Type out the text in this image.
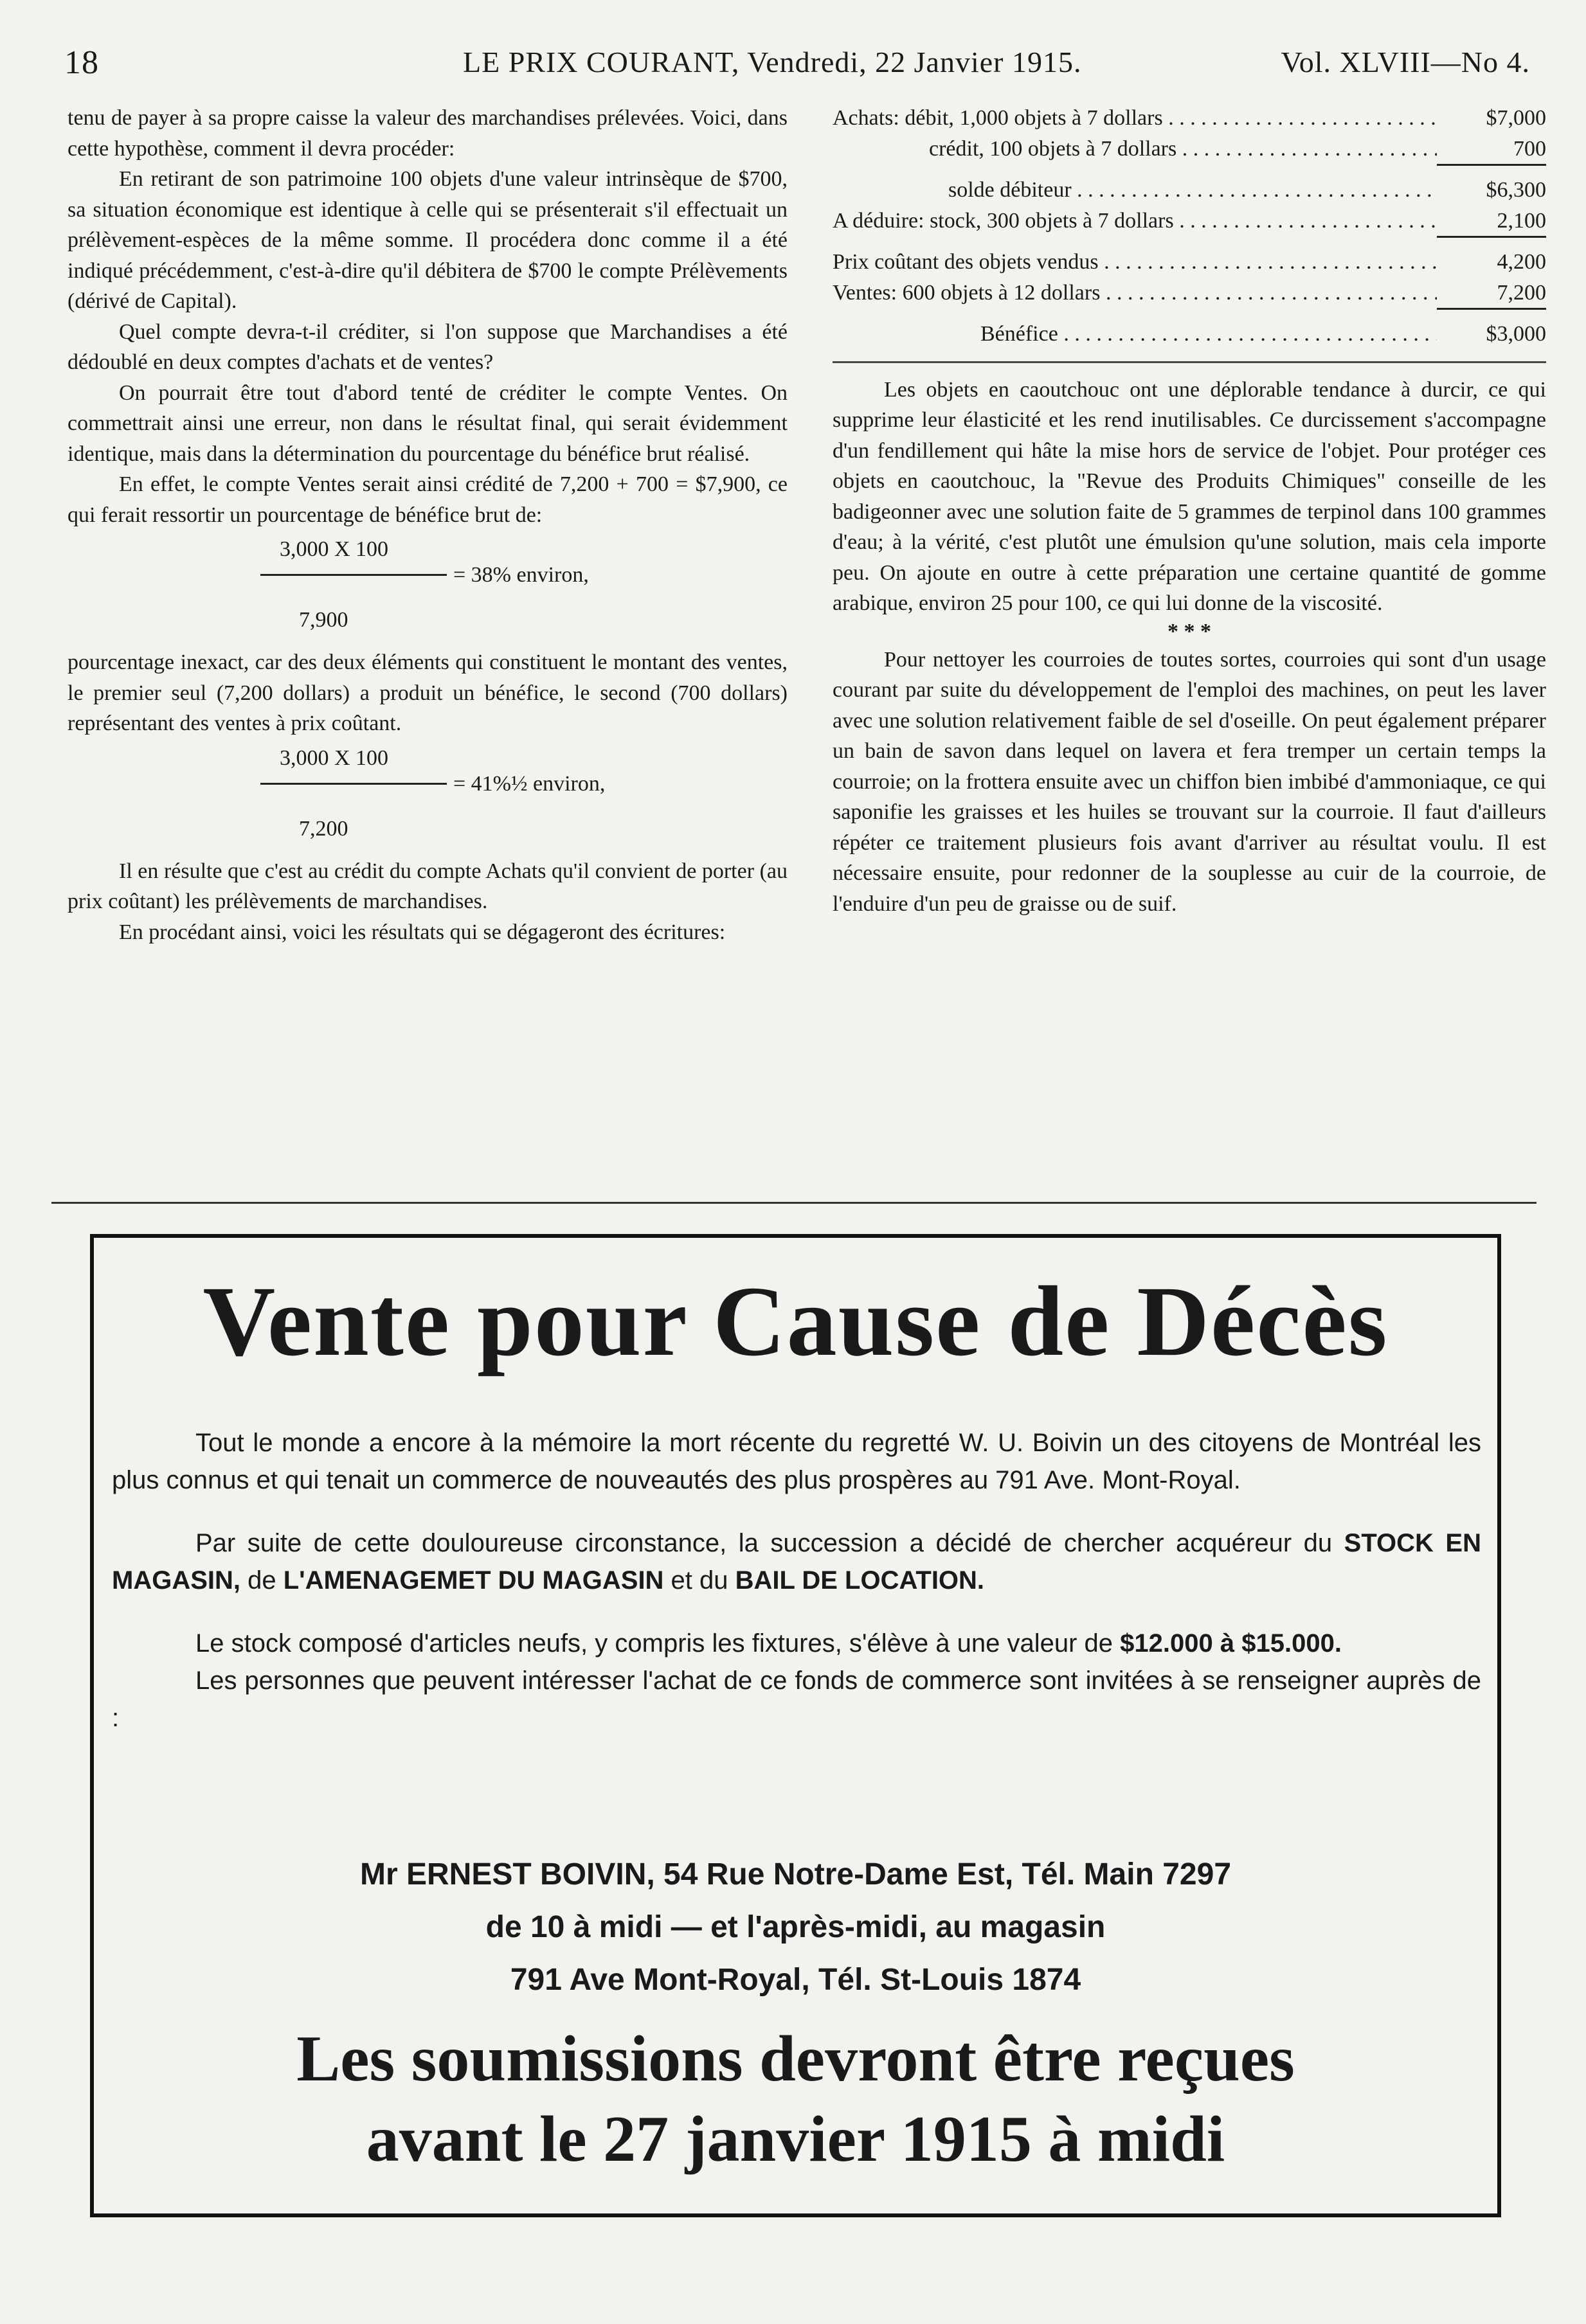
18	LE PRIX COURANT, Vendredi, 22 Janvier 1915.	Vol. XLVIII—No 4.

tenu de payer à sa propre caisse la valeur des marchandises prélevées. Voici, dans cette hypothèse, comment il devra procéder:

En retirant de son patrimoine 100 objets d'une valeur intrinsèque de $700, sa situation économique est identique à celle qui se présenterait s'il effectuait un prélèvement-espèces de la même somme. Il procédera donc comme il a été indiqué précédemment, c'est-à-dire qu'il débitera de $700 le compte Prélèvements (dérivé de Capital).

Quel compte devra-t-il créditer, si l'on suppose que Marchandises a été dédoublé en deux comptes d'achats et de ventes?

On pourrait être tout d'abord tenté de créditer le compte Ventes. On commettrait ainsi une erreur, non dans le résultat final, qui serait évidemment identique, mais dans la détermination du pourcentage du bénéfice brut réalisé.

En effet, le compte Ventes serait ainsi crédité de 7,200 + 700 = $7,900, ce qui ferait ressortir un pourcentage de bénéfice brut de:

3,000 X 100
= 38% environ,
7,900

pourcentage inexact, car des deux éléments qui constituent le montant des ventes, le premier seul (7,200 dollars) a produit un bénéfice, le second (700 dollars) représentant des ventes à prix coûtant.

3,000 X 100
= 41%½ environ,
7,200

Il en résulte que c'est au crédit du compte Achats qu'il convient de porter (au prix coûtant) les prélèvements de marchandises.

En procédant ainsi, voici les résultats qui se dégageront des écritures:

Achats: débit, 1,000 objets à 7 dollars . . .	$7,000
crédit, 100 objets à 7 dollars . . .	700
solde débiteur . . .	$6,300
A déduire: stock, 300 objets à 7 dollars . . .	2,100
Prix coûtant des objets vendus . . .	4,200
Ventes: 600 objets à 12 dollars . . .	7,200
Bénéfice . . .	$3,000

Les objets en caoutchouc ont une déplorable tendance à durcir, ce qui supprime leur élasticité et les rend inutilisables. Ce durcissement s'accompagne d'un fendillement qui hâte la mise hors de service de l'objet. Pour protéger ces objets en caoutchouc, la "Revue des Produits Chimiques" conseille de les badigeonner avec une solution faite de 5 grammes de terpinol dans 100 grammes d'eau; à la vérité, c'est plutôt une émulsion qu'une solution, mais cela importe peu. On ajoute en outre à cette préparation une certaine quantité de gomme arabique, environ 25 pour 100, ce qui lui donne de la viscosité.

* * *

Pour nettoyer les courroies de toutes sortes, courroies qui sont d'un usage courant par suite du développement de l'emploi des machines, on peut les laver avec une solution relativement faible de sel d'oseille. On peut également préparer un bain de savon dans lequel on lavera et fera tremper un certain temps la courroie; on la frottera ensuite avec un chiffon bien imbibé d'ammoniaque, ce qui saponifie les graisses et les huiles se trouvant sur la courroie. Il faut d'ailleurs répéter ce traitement plusieurs fois avant d'arriver au résultat voulu. Il est nécessaire ensuite, pour redonner de la souplesse au cuir de la courroie, de l'enduire d'un peu de graisse ou de suif.

Vente pour Cause de Décès

Tout le monde a encore à la mémoire la mort récente du regretté W. U. Boivin un des citoyens de Montréal les plus connus et qui tenait un commerce de nouveautés des plus prospères au 791 Ave. Mont-Royal.

Par suite de cette douloureuse circonstance, la succession a décidé de chercher acquéreur du STOCK EN MAGASIN, de L'AMENAGEMET DU MAGASIN et du BAIL DE LOCATION.

Le stock composé d'articles neufs, y compris les fixtures, s'élève à une valeur de $12.000 à $15.000.

Les personnes que peuvent intéresser l'achat de ce fonds de commerce sont invitées à se renseigner auprès de :

Mr ERNEST BOIVIN, 54 Rue Notre-Dame Est, Tél. Main 7297
de 10 à midi — et l'après-midi, au magasin
791 Ave Mont-Royal, Tél. St-Louis 1874
Les soumissions devront être reçues
avant le 27 janvier 1915 à midi
